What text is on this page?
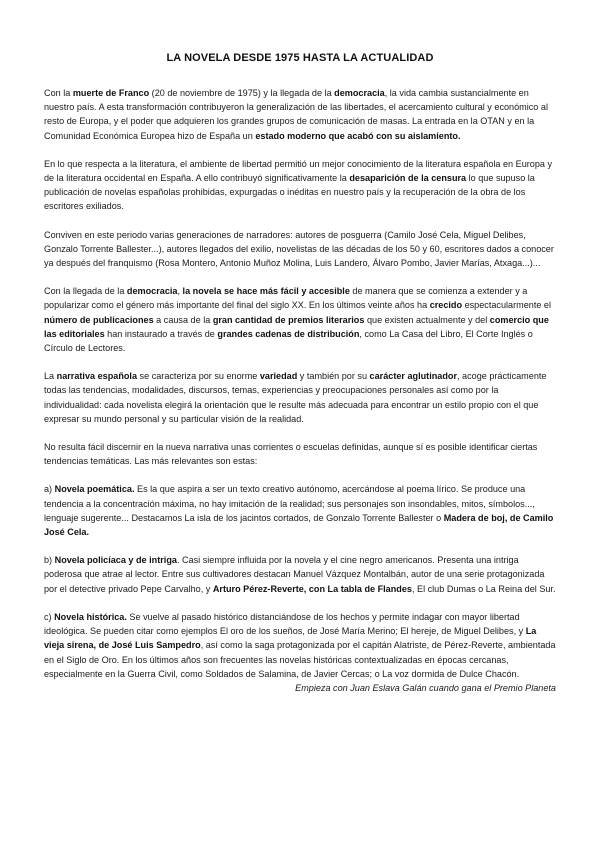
LA NOVELA DESDE 1975 HASTA LA ACTUALIDAD

Con la muerte de Franco (20 de noviembre de 1975) y la llegada de la democracia, la vida cambia sustancialmente en nuestro país. A esta transformación contribuyeron la generalización de las libertades, el acercamiento cultural y económico al resto de Europa, y el poder que adquieren los grandes grupos de comunicación de masas. La entrada en la OTAN y en la Comunidad Económica Europea hizo de España un estado moderno que acabó con su aislamiento.

En lo que respecta a la literatura, el ambiente de libertad permitió un mejor conocimiento de la literatura española en Europa y de la literatura occidental en España. A ello contribuyó significativamente la desaparición de la censura lo que supuso la publicación de novelas españolas prohibidas, expurgadas o inéditas en nuestro país y la recuperación de la obra de los escritores exiliados.

Conviven en este periodo varias generaciones de narradores: autores de posguerra (Camilo José Cela, Miguel Delibes, Gonzalo Torrente Ballester...), autores llegados del exilio, novelistas de las décadas de los 50 y 60, escritores dados a conocer ya después del franquismo (Rosa Montero, Antonio Muñoz Molina, Luis Landero, Álvaro Pombo, Javier Marías, Atxaga...)...

Con la llegada de la democracia, la novela se hace más fácil y accesible de manera que se comienza a extender y a popularizar como el género más importante del final del siglo XX. En los últimos veinte años ha crecido espectacularmente el número de publicaciones a causa de la gran cantidad de premios literarios que existen actualmente y del comercio que las editoriales han instaurado a través de grandes cadenas de distribución, como La Casa del Libro, El Corte Inglés o Círculo de Lectores.

La narrativa española se caracteriza por su enorme variedad y también por su carácter aglutinador, acoge prácticamente todas las tendencias, modalidades, discursos, temas, experiencias y preocupaciones personales así como por la individualidad: cada novelista elegirá la orientación que le resulte más adecuada para encontrar un estilo propio con el que expresar su mundo personal y su particular visión de la realidad.

No resulta fácil discernir en la nueva narrativa unas corrientes o escuelas definidas, aunque sí es posible identificar ciertas tendencias temáticas. Las más relevantes son estas:

a) Novela poemática. Es la que aspira a ser un texto creativo autónomo, acercándose al poema lírico. Se produce una tendencia a la concentración máxima, no hay imitación de la realidad; sus personajes son insondables, mitos, símbolos..., lenguaje sugerente... Destacamos La isla de los jacintos cortados, de Gonzalo Torrente Ballester o Madera de boj, de Camilo José Cela.

b) Novela policíaca y de intriga. Casi siempre influida por la novela y el cine negro americanos. Presenta una intriga poderosa que atrae al lector. Entre sus cultivadores destacan Manuel Vázquez Montalbán, autor de una serie protagonizada por el detective privado Pepe Carvalho, y Arturo Pérez-Reverte, con La tabla de Flandes, El club Dumas o La Reina del Sur.

c) Novela histórica. Se vuelve al pasado histórico distanciándose de los hechos y permite indagar con mayor libertad ideológica. Se pueden citar como ejemplos El oro de los sueños, de José María Merino; El hereje, de Miguel Delibes, y La vieja sirena, de José Luis Sampedro, así como la saga protagonizada por el capitán Alatriste, de Pérez-Reverte, ambientada en el Siglo de Oro. En los últimos años son frecuentes las novelas históricas contextualizadas en épocas cercanas, especialmente en la Guerra Civil, como Soldados de Salamina, de Javier Cercas; o La voz dormida de Dulce Chacón.

Empieza con Juan Eslava Galán cuando gana el Premio Planeta
